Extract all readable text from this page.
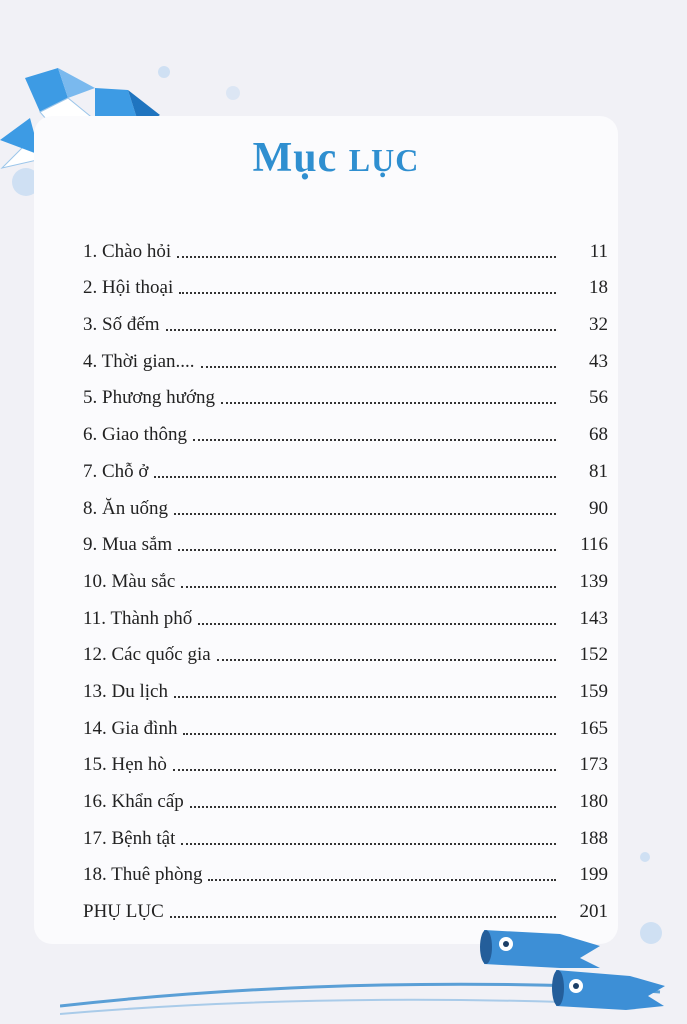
Mục LỤC
1. Chào hỏi	11
2. Hội thoại	18
3. Số đếm	32
4. Thời gian....	43
5. Phương hướng	56
6. Giao thông	68
7. Chỗ ở	81
8. Ăn uống	90
9. Mua sắm	116
10. Màu sắc	139
11. Thành phố	143
12. Các quốc gia	152
13. Du lịch	159
14. Gia đình	165
15. Hẹn hò	173
16. Khẩn cấp	180
17. Bệnh tật	188
18. Thuê phòng	199
PHỤ LỤC	201
